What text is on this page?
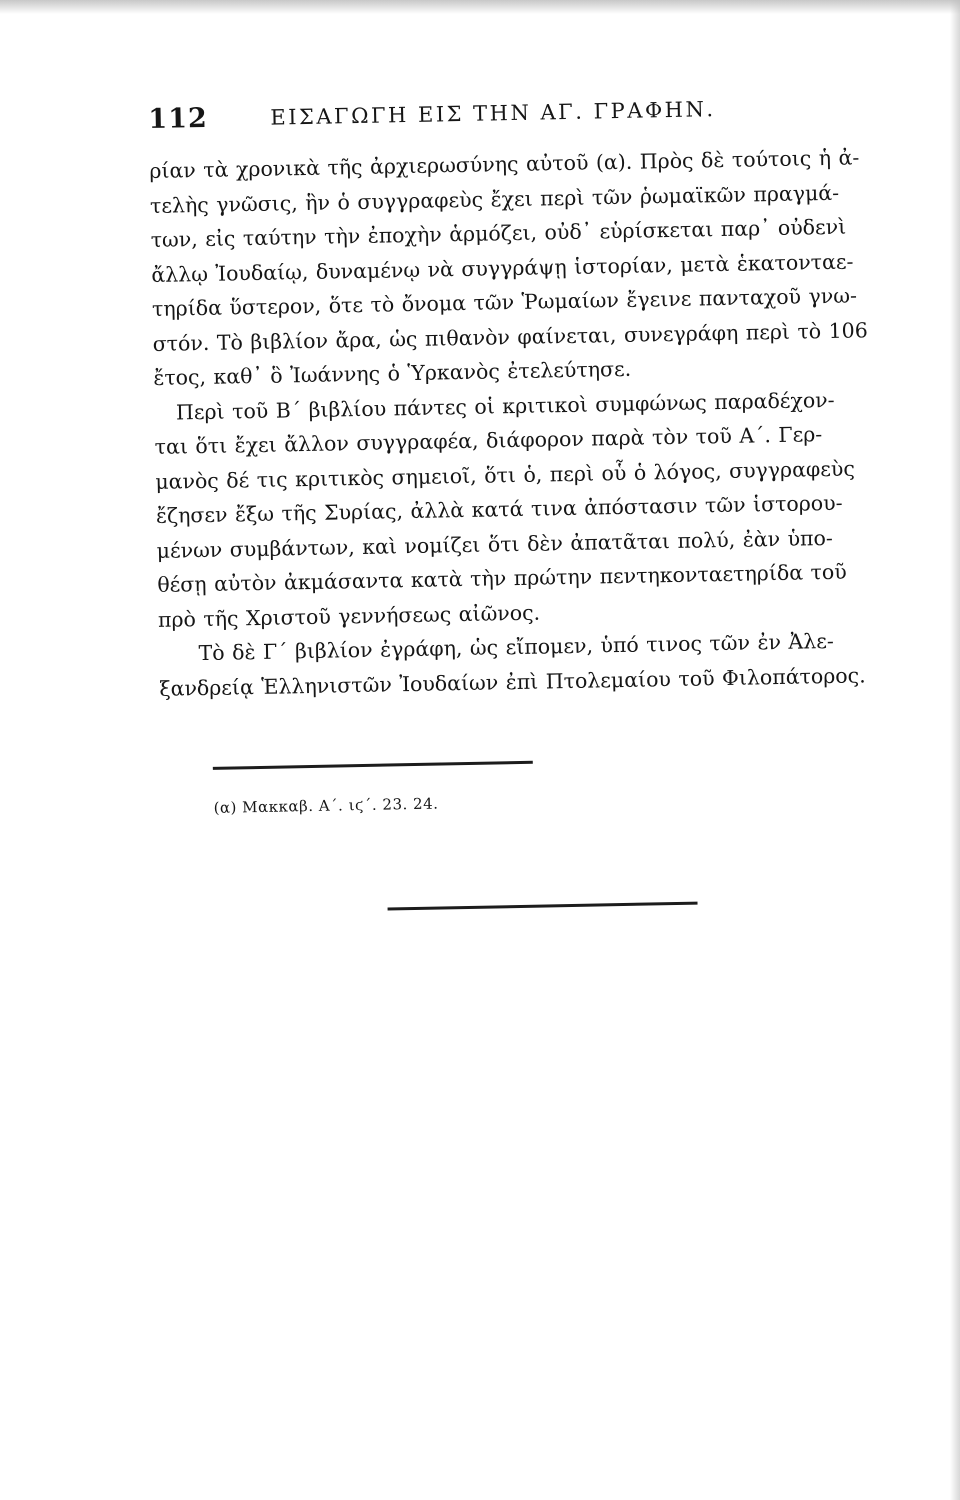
112	ΕΙΣΑΓΩΓΗ ΕΙΣ ΤΗΝ ΑΓ. ΓΡΑΦΗΝ.
ρίαν τὰ χρονικὰ τῆς ἀρχιερωσύνης αὐτοῦ (α). Πρὸς δὲ τούτοις ἡ ἀ-
τελὴς γνῶσις, ἣν ὁ συγγραφεὺς ἔχει περὶ τῶν ῥωμαϊκῶν πραγμά-
των, εἰς ταύτην τὴν ἐποχὴν ἁρμόζει, οὐδ᾽ εὑρίσκεται παρ᾽ οὐδενὶ
ἄλλῳ Ἰουδαίῳ, δυναμένῳ νὰ συγγράψῃ ἱστορίαν, μετὰ ἑκατονταε-
τηρίδα ὕστερον, ὅτε τὸ ὄνομα τῶν Ῥωμαίων ἔγεινε πανταχοῦ γνω-
στόν. Τὸ βιβλίον ἄρα, ὡς πιθανὸν φαίνεται, συνεγράφη περὶ τὸ 106
ἔτος, καθ᾽ ὃ Ἰωάννης ὁ Ὑρκανὸς ἐτελεύτησε.
Περὶ τοῦ Β´ βιβλίου πάντες οἱ κριτικοὶ συμφώνως παραδέχον-
ται ὅτι ἔχει ἄλλον συγγραφέα, διάφορον παρὰ τὸν τοῦ Α´. Γερ-
μανὸς δέ τις κριτικὸς σημειοῖ, ὅτι ὁ, περὶ οὗ ὁ λόγος, συγγραφεὺς
ἔζησεν ἔξω τῆς Συρίας, ἀλλὰ κατά τινα ἀπόστασιν τῶν ἱστορου-
μένων συμβάντων, καὶ νομίζει ὅτι δὲν ἀπατᾶται πολύ, ἐὰν ὑπο-
θέσῃ αὐτὸν ἀκμάσαντα κατὰ τὴν πρώτην πεντηκονταετηρίδα τοῦ
πρὸ τῆς Χριστοῦ γεννήσεως αἰῶνος.
Τὸ δὲ Γ´ βιβλίον ἐγράφη, ὡς εἴπομεν, ὑπό τινος τῶν ἐν Ἀλε-
ξανδρείᾳ Ἑλληνιστῶν Ἰουδαίων ἐπὶ Πτολεμαίου τοῦ Φιλοπάτορος.
(α) Μακκαβ. Α´. ιϛ´. 23. 24.
